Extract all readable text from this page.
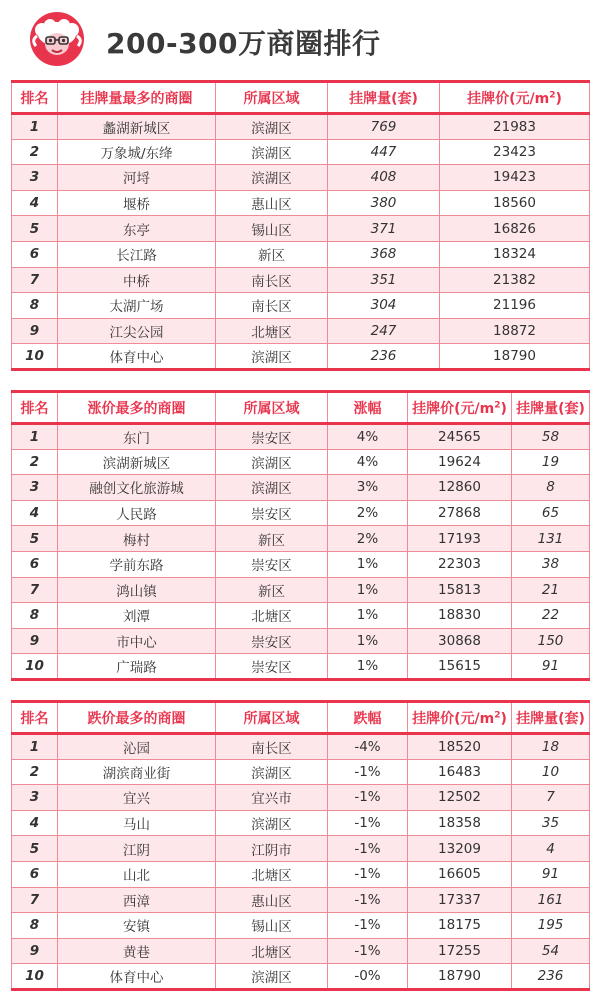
200-300万商圈排行
排名	挂牌量最多的商圈	所属区域	挂牌量(套)	挂牌价(元$/m^2$)
1	蠡湖新城区	滨湖区	769	21983
2	万象城/东绛	滨湖区	447	23423
3	河埒	滨湖区	408	19423
4	堰桥	惠山区	380	18560
5	东亭	锡山区	371	16826
6	长江路	新区	368	18324
7	中桥	南长区	351	21382
8	太湖广场	南长区	304	21196
9	江尖公园	北塘区	247	18872
10	体育中心	滨湖区	236	18790
排名	涨价最多的商圈	所属区域	涨幅	挂牌价(元$/m^2$)	挂牌量(套)
1	东门	崇安区	4%	24565	58
2	滨湖新城区	滨湖区	4%	19624	19
3	融创文化旅游城	滨湖区	3%	12860	8
4	人民路	崇安区	2%	27868	65
5	梅村	新区	2%	17193	131
6	学前东路	崇安区	1%	22303	38
7	鸿山镇	新区	1%	15813	21
8	刘潭	北塘区	1%	18830	22
9	市中心	崇安区	1%	30868	150
10	广瑞路	崇安区	1%	15615	91
排名	跌价最多的商圈	所属区域	跌幅	挂牌价(元$/m^2$)	挂牌量(套)
1	沁园	南长区	-4%	18520	18
2	湖滨商业街	滨湖区	-1%	16483	10
3	宜兴	宜兴市	-1%	12502	7
4	马山	滨湖区	-1%	18358	35
5	江阴	江阴市	-1%	13209	4
6	山北	北塘区	-1%	16605	91
7	西漳	惠山区	-1%	17337	161
8	安镇	锡山区	-1%	18175	195
9	黄巷	北塘区	-1%	17255	54
10	体育中心	滨湖区	-0%	18790	236
